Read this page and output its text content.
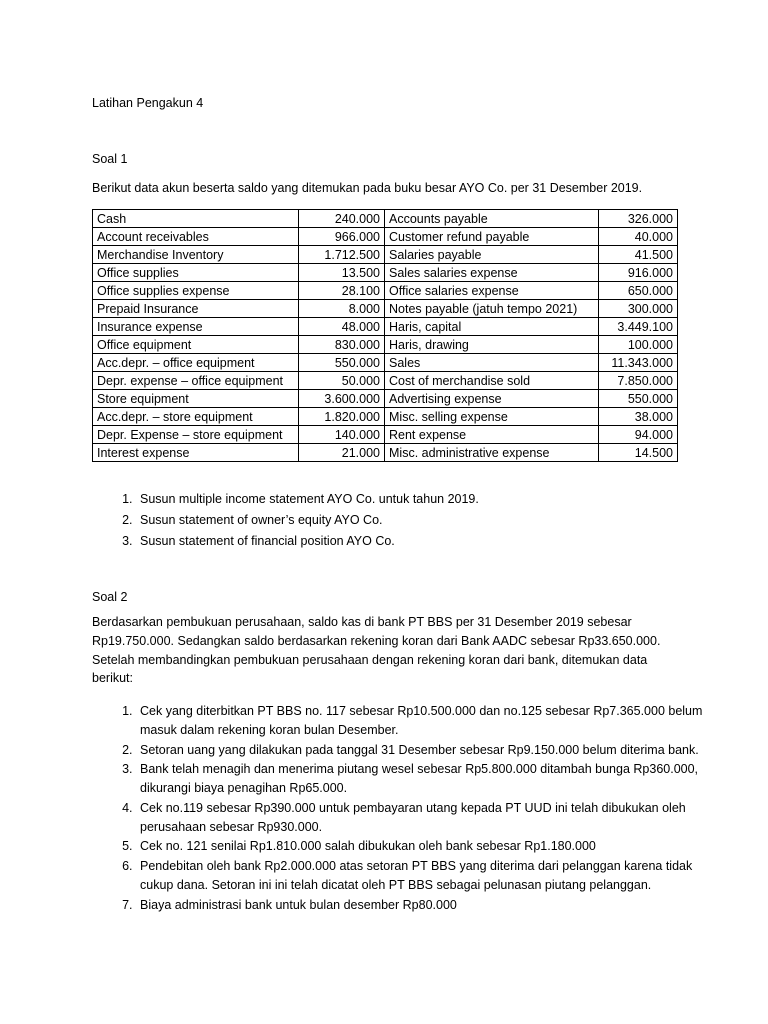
Latihan Pengakun 4

Soal 1

Berikut data akun beserta saldo yang ditemukan pada buku besar AYO Co. per 31 Desember 2019.

Cash	240.000	Accounts payable	326.000
Account receivables	966.000	Customer refund payable	40.000
Merchandise Inventory	1.712.500	Salaries payable	41.500
Office supplies	13.500	Sales salaries expense	916.000
Office supplies expense	28.100	Office salaries expense	650.000
Prepaid Insurance	8.000	Notes payable (jatuh tempo 2021)	300.000
Insurance expense	48.000	Haris, capital	3.449.100
Office equipment	830.000	Haris, drawing	100.000
Acc.depr. – office equipment	550.000	Sales	11.343.000
Depr. expense – office equipment	50.000	Cost of merchandise sold	7.850.000
Store equipment	3.600.000	Advertising expense	550.000
Acc.depr. – store equipment	1.820.000	Misc. selling expense	38.000
Depr. Expense – store equipment	140.000	Rent expense	94.000
Interest expense	21.000	Misc. administrative expense	14.500
1. Susun multiple income statement AYO Co. untuk tahun 2019.
2. Susun statement of owner’s equity AYO Co.
3. Susun statement of financial position AYO Co.

Soal 2

Berdasarkan pembukuan perusahaan, saldo kas di bank PT BBS per 31 Desember 2019 sebesar Rp19.750.000. Sedangkan saldo berdasarkan rekening koran dari Bank AADC sebesar Rp33.650.000. Setelah membandingkan pembukuan perusahaan dengan rekening koran dari bank, ditemukan data berikut:

1. Cek yang diterbitkan PT BBS no. 117 sebesar Rp10.500.000 dan no.125 sebesar Rp7.365.000 belum masuk dalam rekening koran bulan Desember.
2. Setoran uang yang dilakukan pada tanggal 31 Desember sebesar Rp9.150.000 belum diterima bank.
3. Bank telah menagih dan menerima piutang wesel sebesar Rp5.800.000 ditambah bunga Rp360.000, dikurangi biaya penagihan Rp65.000.
4. Cek no.119 sebesar Rp390.000 untuk pembayaran utang kepada PT UUD ini telah dibukukan oleh perusahaan sebesar Rp930.000.
5. Cek no. 121 senilai Rp1.810.000 salah dibukukan oleh bank sebesar Rp1.180.000
6. Pendebitan oleh bank Rp2.000.000 atas setoran PT BBS yang diterima dari pelanggan karena tidak cukup dana. Setoran ini ini telah dicatat oleh PT BBS sebagai pelunasan piutang pelanggan.
7. Biaya administrasi bank untuk bulan desember Rp80.000
